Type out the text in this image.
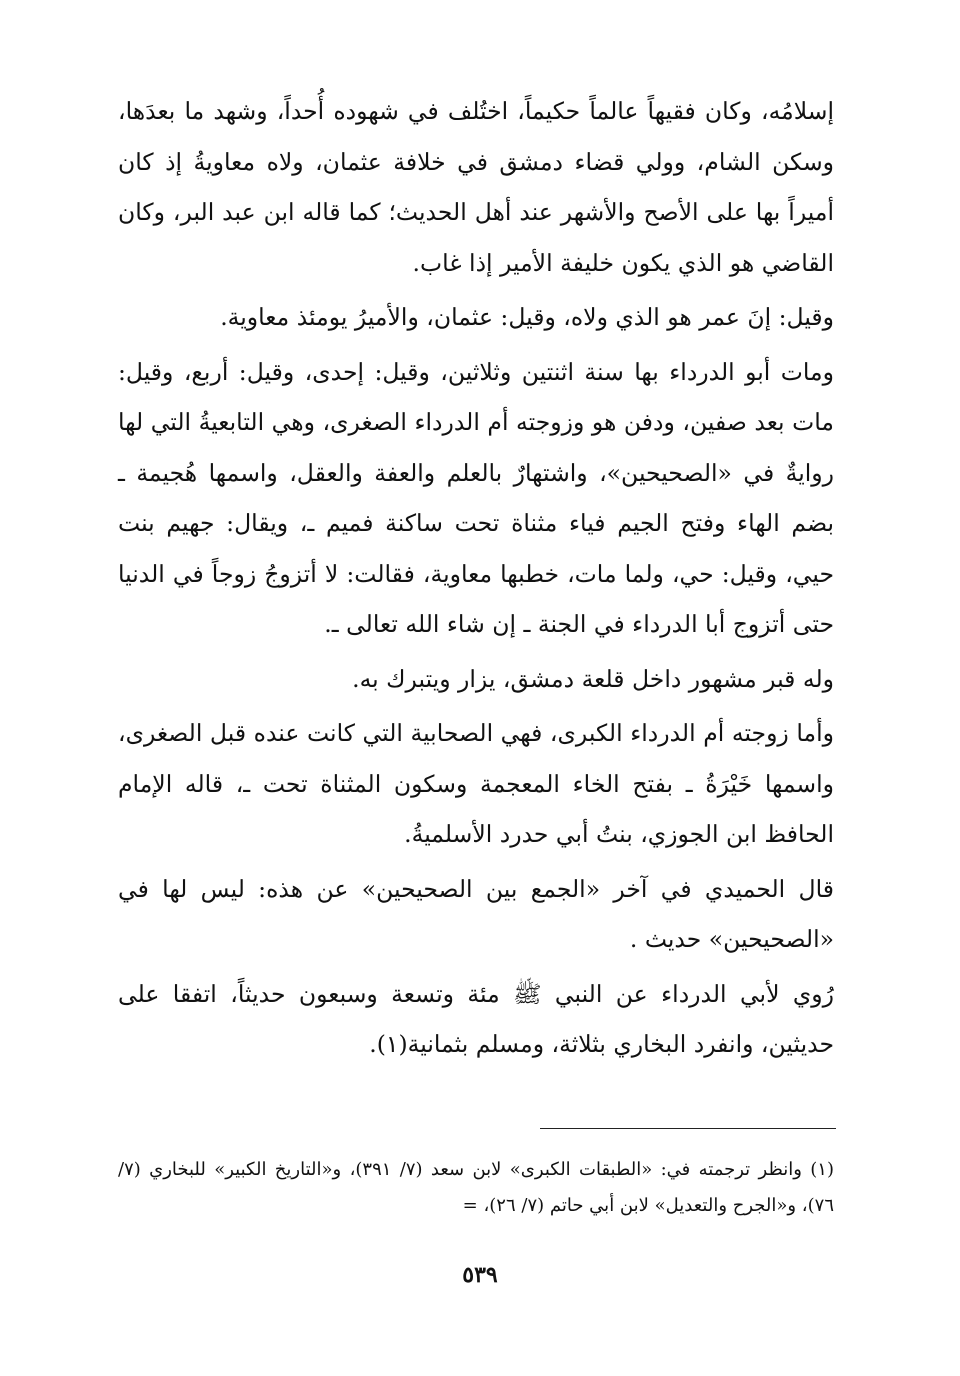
إسلامُه، وكان فقيهاً عالماً حكيماً، اختُلف في شهوده أُحداً، وشهد ما بعدَها، وسكن الشام، وولي قضاء دمشق في خلافة عثمان، ولاه معاويةُ إذ كان أميراً بها على الأصح والأشهر عند أهل الحديث؛ كما قاله ابن عبد البر، وكان القاضي هو الذي يكون خليفة الأمير إذا غاب.

وقيل: إنَ عمر هو الذي ولاه، وقيل: عثمان، والأميرُ يومئذ معاوية.

ومات أبو الدرداء بها سنة اثنتين وثلاثين، وقيل: إحدى، وقيل: أربع، وقيل: مات بعد صفين، ودفن هو وزوجته أم الدرداء الصغرى، وهي التابعيةُ التي لها روايةٌ في «الصحيحين»، واشتهارٌ بالعلم والعفة والعقل، واسمها هُجيمة ـ بضم الهاء وفتح الجيم فياء مثناة تحت ساكنة فميم ـ، ويقال: جهيم بنت حيي، وقيل: حي، ولما مات، خطبها معاوية، فقالت: لا أتزوجُ زوجاً في الدنيا حتى أتزوج أبا الدرداء في الجنة ـ إن شاء الله تعالى ـ.

وله قبر مشهور داخل قلعة دمشق، يزار ويتبرك به.

وأما زوجته أم الدرداء الكبرى، فهي الصحابية التي كانت عنده قبل الصغرى، واسمها خَيْرَةُ ـ بفتح الخاء المعجمة وسكون المثناة تحت ـ، قاله الإمام الحافظ ابن الجوزي، بنتُ أبي حدرد الأسلميةُ.

قال الحميدي في آخر «الجمع بين الصحيحين» عن هذه: ليس لها في «الصحيحين» حديث .

رُوي لأبي الدرداء عن النبي ﷺ مئة وتسعة وسبعون حديثاً، اتفقا على حديثين، وانفرد البخاري بثلاثة، ومسلم بثمانية(١).

(١) وانظر ترجمته في: «الطبقات الكبرى» لابن سعد (٧/ ٣٩١)، و«التاريخ الكبير» للبخاري (٧/ ٧٦)، و«الجرح والتعديل» لابن أبي حاتم (٧/ ٢٦)، =

٥٣٩
